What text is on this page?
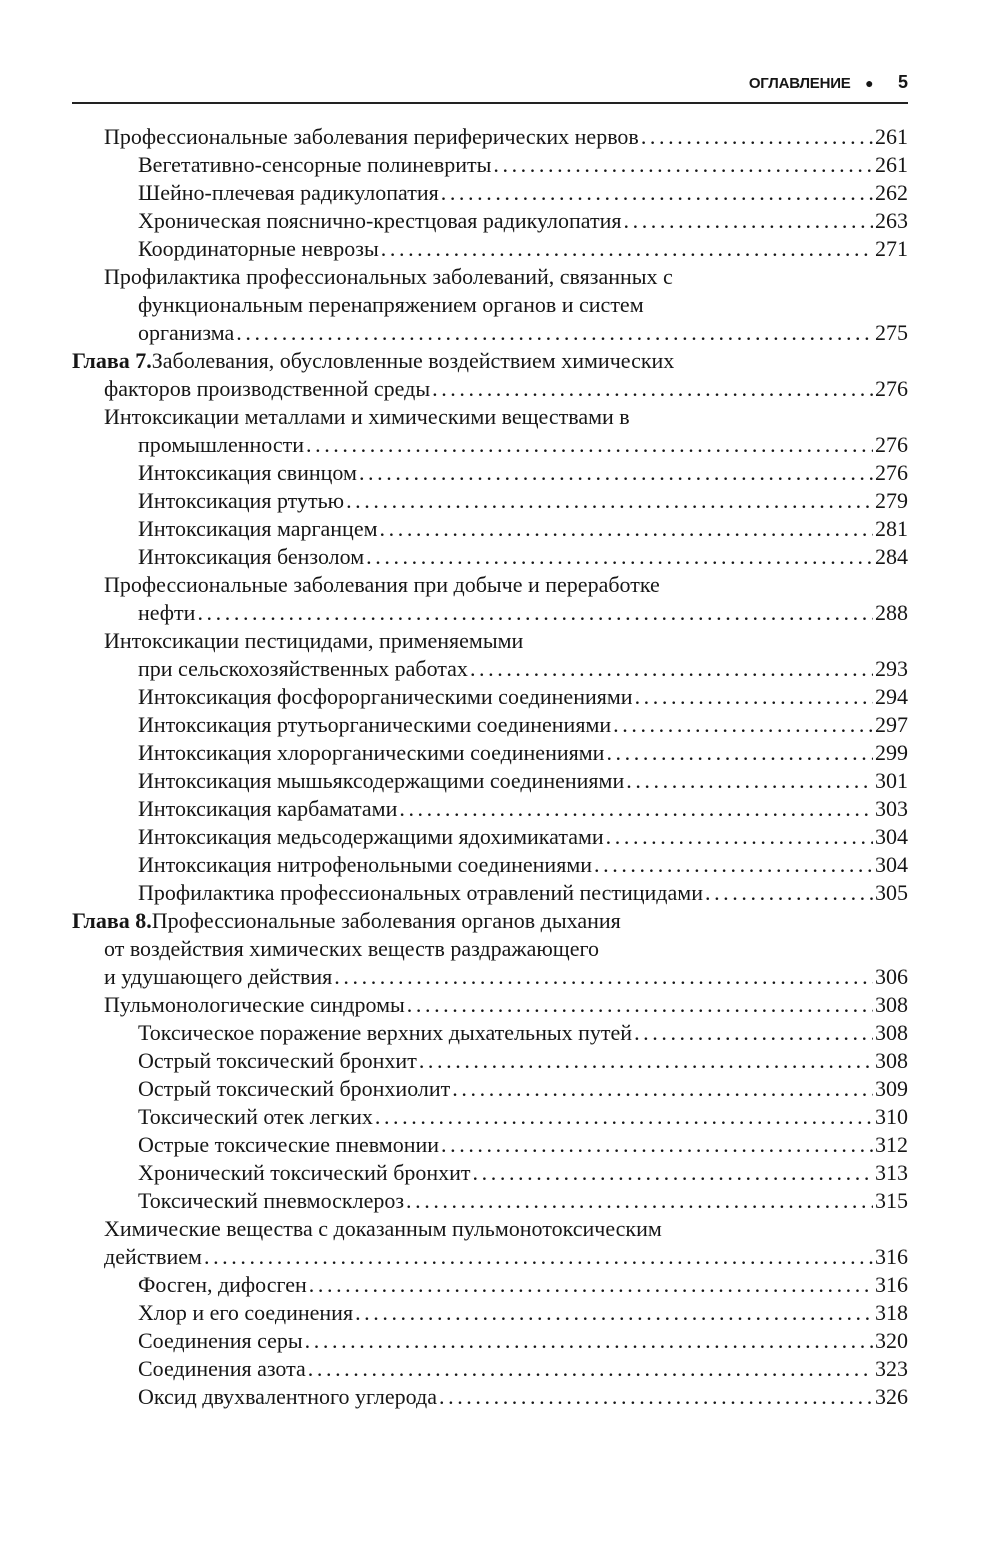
ОГЛАВЛЕНИЕ ● 5
Профессиональные заболевания периферических нервов .....	261
Вегетативно-сенсорные полиневриты .....	261
Шейно-плечевая радикулопатия .....	262
Хроническая пояснично-крестцовая радикулопатия .....	263
Координаторные неврозы .....	271
Профилактика профессиональных заболеваний, связанных с
функциональным перенапряжением органов и систем
организма .....	275
Глава 7. Заболевания, обусловленные воздействием химических
факторов производственной среды .....	276
Интоксикации металлами и химическими веществами в
промышленности .....	276
Интоксикация свинцом .....	276
Интоксикация ртутью .....	279
Интоксикация марганцем .....	281
Интоксикация бензолом .....	284
Профессиональные заболевания при добыче и переработке
нефти .....	288
Интоксикации пестицидами, применяемыми
при сельскохозяйственных работах .....	293
Интоксикация фосфорорганическими соединениями .....	294
Интоксикация ртутьорганическими соединениями .....	297
Интоксикация хлорорганическими соединениями .....	299
Интоксикация мышьяксодержащими соединениями .....	301
Интоксикация карбаматами .....	303
Интоксикация медьсодержащими ядохимикатами .....	304
Интоксикация нитрофенольными соединениями .....	304
Профилактика профессиональных отравлений пестицидами .....	305
Глава 8. Профессиональные заболевания органов дыхания
от воздействия химических веществ раздражающего
и удушающего действия .....	306
Пульмонологические синдромы .....	308
Токсическое поражение верхних дыхательных путей .....	308
Острый токсический бронхит .....	308
Острый токсический бронхиолит .....	309
Токсический отек легких .....	310
Острые токсические пневмонии .....	312
Хронический токсический бронхит .....	313
Токсический пневмосклероз .....	315
Химические вещества с доказанным пульмонотоксическим
действием .....	316
Фосген, дифосген .....	316
Хлор и его соединения .....	318
Соединения серы .....	320
Соединения азота .....	323
Оксид двухвалентного углерода .....	326
